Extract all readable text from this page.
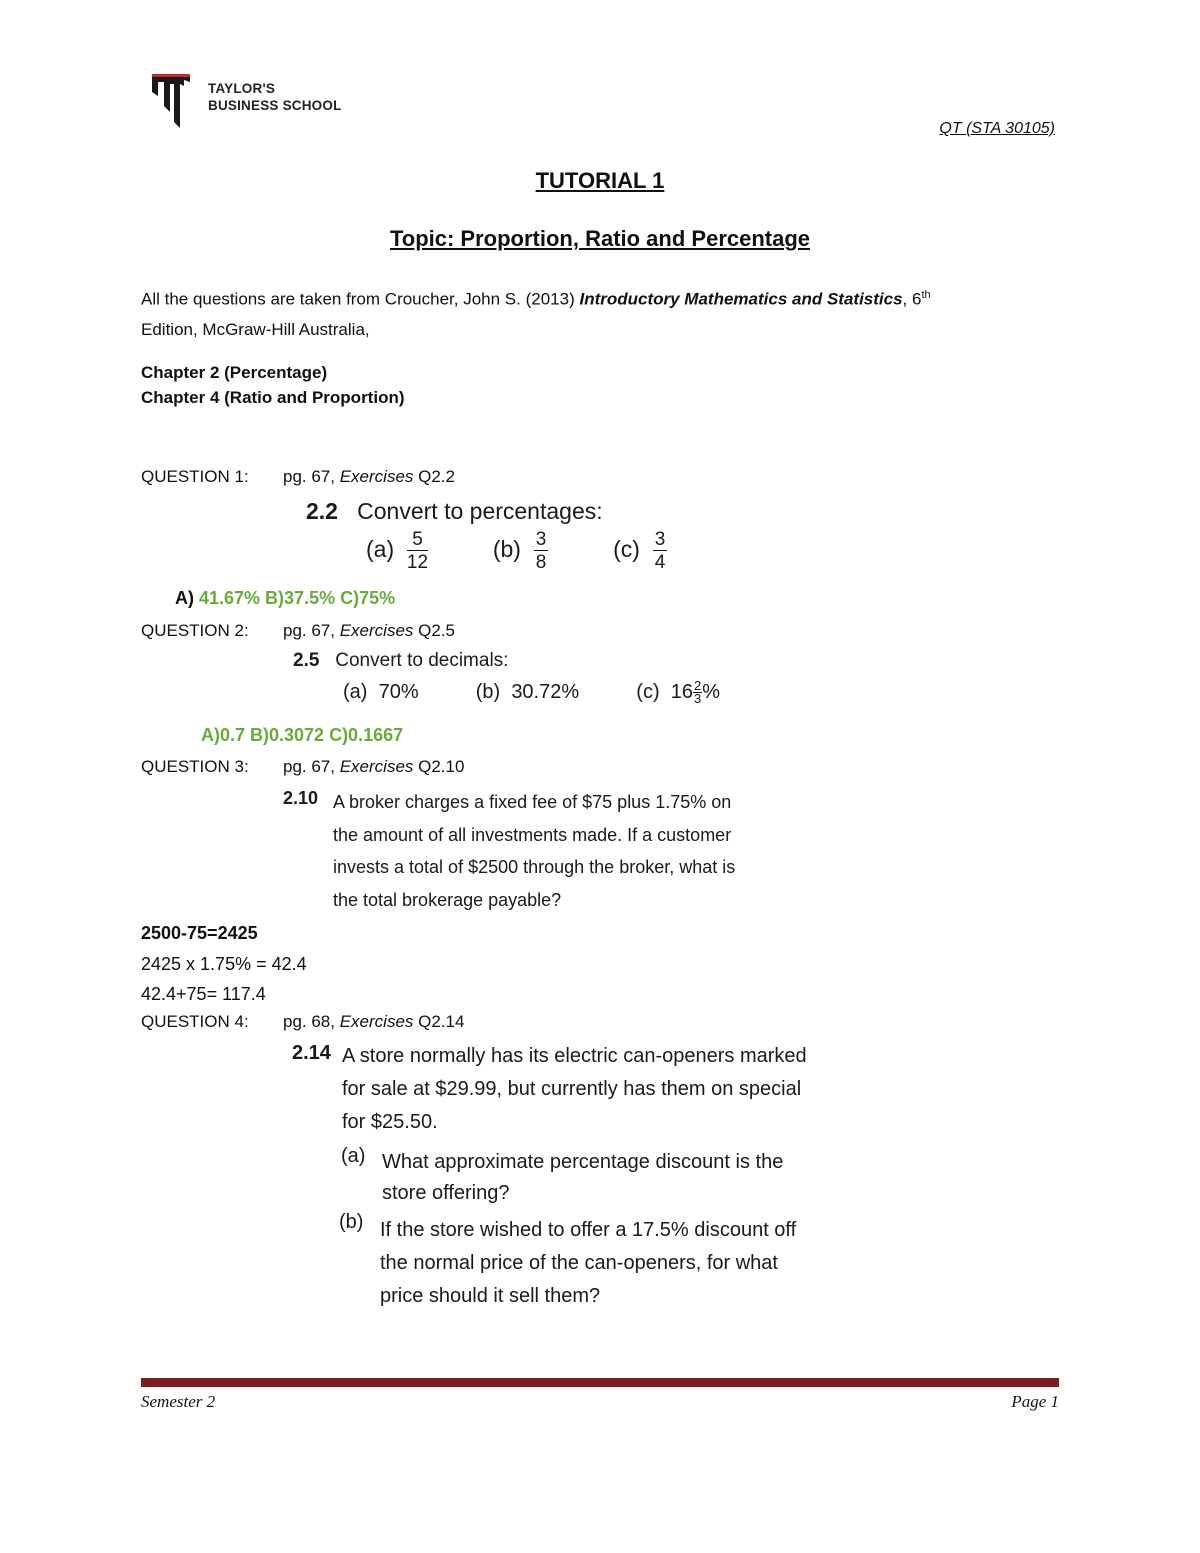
TAYLOR'S
BUSINESS SCHOOL
QT (STA 30105)
TUTORIAL 1
Topic: Proportion, Ratio and Percentage
All the questions are taken from Croucher, John S. (2013) Introductory Mathematics and Statistics, 6th
Edition, McGraw-Hill Australia,
Chapter 2 (Percentage)
Chapter 4 (Ratio and Proportion)
QUESTION 1: pg. 67, Exercises Q2.2
2.2 Convert to percentages:
$(a) \frac{5}{12}$	$(b) \frac{3}{8}$	$(c) \frac{3}{4}$
A) 41.67% B)37.5% C)75%
QUESTION 2: pg. 67, Exercises Q2.5
2.5 Convert to decimals:
(a) 70%	(b) 30.72%	(c) $16 \frac{2}{3}$ %
A)0.7 B)0.3072 C)0.1667
QUESTION 3: pg. 67, Exercises Q2.10
2.10 A broker charges a fixed fee of $75 plus 1.75% on
the amount of all investments made. If a customer
invests a total of $2500 through the broker, what is
the total brokerage payable?
2500-75=2425
2425 x 1.75% = 42.4
42.4+75= 117.4
QUESTION 4: pg. 68, Exercises Q2.14
2.14 A store normally has its electric can-openers marked
for sale at $29.99, but currently has them on special
for $25.50.
(a) What approximate percentage discount is the
store offering?
(b) If the store wished to offer a 17.5% discount off
the normal price of the can-openers, for what
price should it sell them?
Semester 2	Page 1
